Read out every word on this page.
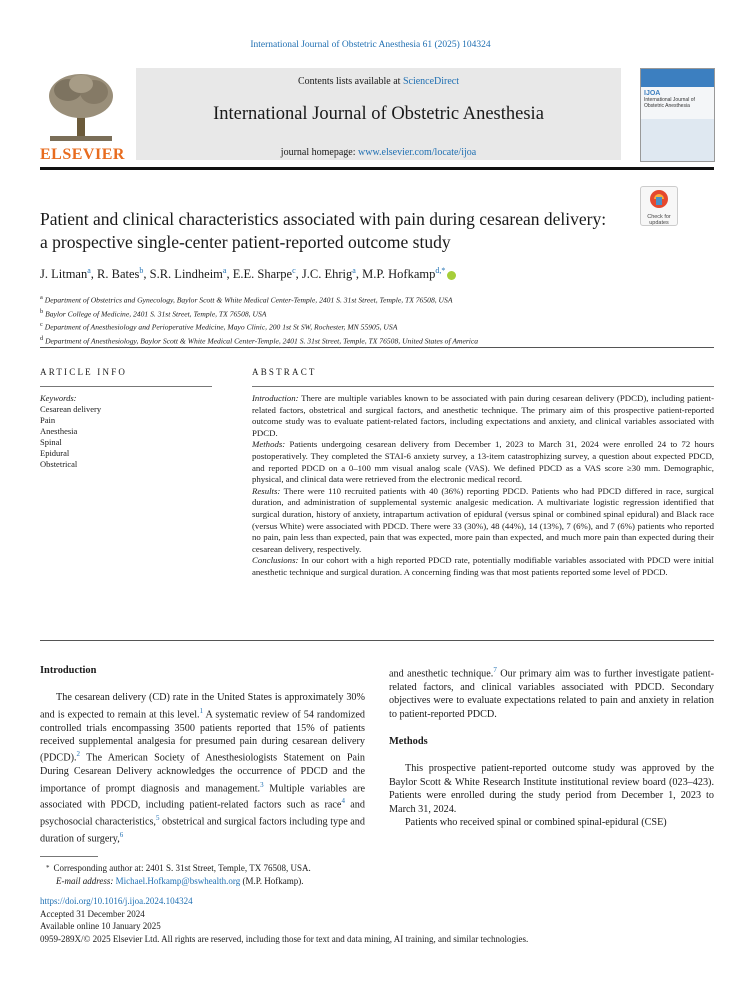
International Journal of Obstetric Anesthesia 61 (2025) 104324
ELSEVIER
Contents lists available at ScienceDirect
International Journal of Obstetric Anesthesia
journal homepage: www.elsevier.com/locate/ijoa
IJOA
International Journal of Obstetric Anesthesia
Patient and clinical characteristics associated with pain during cesarean delivery: a prospective single-center patient-reported outcome study
Check for updates
J. Litman$^a$, R. Bates$^b$, S.R. Lindheim$^a$, E.E. Sharpe$^c$, J.C. Ehrig$^a$, M.P. Hofkamp$^{d,*}$
$^a$ Department of Obstetrics and Gynecology, Baylor Scott & White Medical Center-Temple, 2401 S. 31st Street, Temple, TX 76508, USA
$^b$ Baylor College of Medicine, 2401 S. 31st Street, Temple, TX 76508, USA
$^c$ Department of Anesthesiology and Perioperative Medicine, Mayo Clinic, 200 1st St SW, Rochester, MN 55905, USA
$^d$ Department of Anesthesiology, Baylor Scott & White Medical Center-Temple, 2401 S. 31st Street, Temple, TX 76508, United States of America
ARTICLE INFO	ABSTRACT
Keywords:
Cesarean delivery
Pain
Anesthesia
Spinal
Epidural
Obstetrical

Introduction: There are multiple variables known to be associated with pain during cesarean delivery (PDCD), including patient-related factors, obstetrical and surgical factors, and anesthetic technique. The primary aim of this prospective patient-reported outcome study was to evaluate patient-related factors, including expectations and anxiety, and clinical variables associated with PDCD.

Methods: Patients undergoing cesarean delivery from December 1, 2023 to March 31, 2024 were enrolled 24 to 72 hours postoperatively. They completed the STAI-6 anxiety survey, a 13-item catastrophizing survey, a question about expected PDCD, and reported PDCD on a 0–100 mm visual analog scale (VAS). We defined PDCD as a VAS score ≥30 mm. Demographic, physical, and clinical data were retrieved from the electronic medical record.

Results: There were 110 recruited patients with 40 (36%) reporting PDCD. Patients who had PDCD differed in race, surgical duration, and administration of supplemental systemic analgesic medication. A multivariate logistic regression identified that surgical duration, history of anxiety, intrapartum activation of epidural (versus spinal or combined spinal epidural) and Black race (versus White) were associated with PDCD. There were 33 (30%), 48 (44%), 14 (13%), 7 (6%), and 7 (6%) patients who reported no pain, pain less than expected, pain that was expected, more pain than expected, and much more pain than expected during their cesarean delivery, respectively.

Conclusions: In our cohort with a high reported PDCD rate, potentially modifiable variables associated with PDCD were initial anesthetic technique and surgical duration. A concerning finding was that most patients reported some level of PDCD.

Introduction

The cesarean delivery (CD) rate in the United States is approximately 30% and is expected to remain at this level.$^1$ A systematic review of 54 randomized controlled trials encompassing 3500 patients reported that 15% of patients received supplemental analgesia for presumed pain during cesarean delivery (PDCD).$^2$ The American Society of Anesthesiologists Statement on Pain During Cesarean Delivery acknowledges the occurrence of PDCD and the importance of prompt diagnosis and management.$^3$ Multiple variables are associated with PDCD, including patient-related factors such as race$^4$ and psychosocial characteristics,$^5$ obstetrical and surgical factors including type and duration of surgery,$^6$

and anesthetic technique.$^7$ Our primary aim was to further investigate patient-related factors, and clinical variables associated with PDCD. Secondary objectives were to evaluate expectations related to pain and anxiety in relation to patient-reported PDCD.

Methods

This prospective patient-reported outcome study was approved by the Baylor Scott & White Research Institute institutional review board (023–423). Patients were enrolled during the study period from December 1, 2023 to March 31, 2024.

Patients who received spinal or combined spinal-epidural (CSE)

* Corresponding author at: 2401 S. 31st Street, Temple, TX 76508, USA.
E-mail address: Michael.Hofkamp@bswhealth.org (M.P. Hofkamp).
https://doi.org/10.1016/j.ijoa.2024.104324
Accepted 31 December 2024
Available online 10 January 2025
0959-289X/© 2025 Elsevier Ltd. All rights are reserved, including those for text and data mining, AI training, and similar technologies.
